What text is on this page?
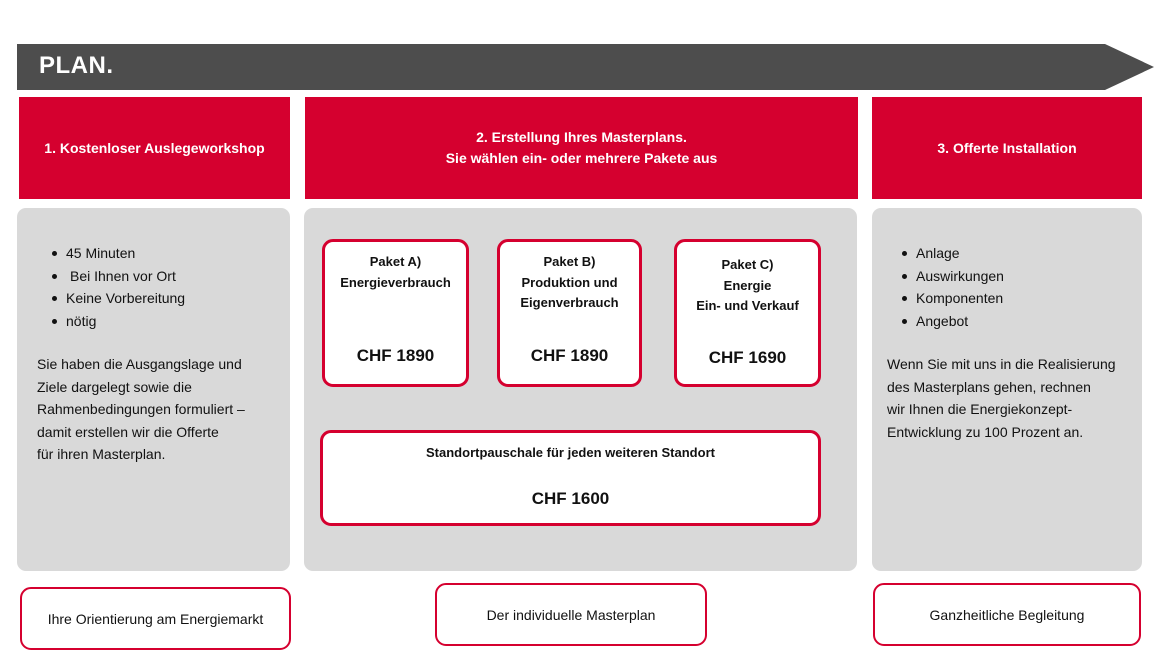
PLAN.
1. Kostenloser Auslegeworkshop
2. Erstellung Ihres Masterplans.
Sie wählen ein- oder mehrere Pakete aus
3. Offerte Installation
45 Minuten
Bei Ihnen vor Ort
Keine Vorbereitung
nötig
Sie haben die Ausgangslage und
Ziele dargelegt sowie die
Rahmenbedingungen formuliert –
damit erstellen wir die Offerte
für ihren Masterplan.
Paket A)
Energieverbrauch
CHF 1890
Paket B)
Produktion und
Eigenverbrauch
CHF 1890
Paket C)
Energie
Ein- und Verkauf
CHF 1690
Standortpauschale für jeden weiteren Standort
CHF 1600
Anlage
Auswirkungen
Komponenten
Angebot
Wenn Sie mit uns in die Realisierung
des Masterplans gehen, rechnen
wir Ihnen die Energiekonzept-
Entwicklung zu 100 Prozent an.
Ihre Orientierung am Energiemarkt	Der individuelle Masterplan	Ganzheitliche Begleitung
